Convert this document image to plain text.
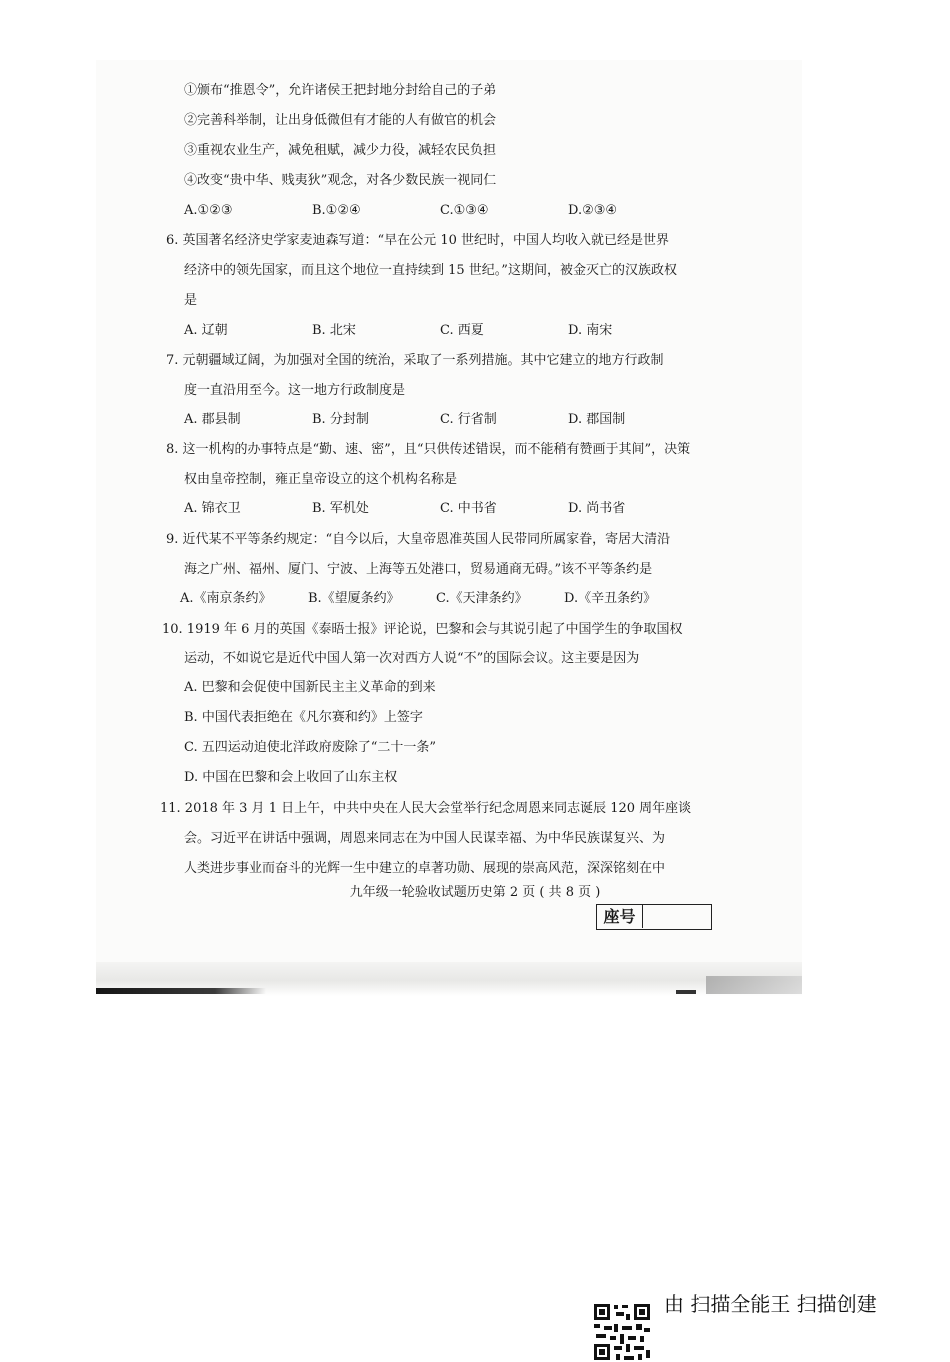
①颁布“推恩令”，允许诸侯王把封地分封给自己的子弟
②完善科举制，让出身低微但有才能的人有做官的机会
③重视农业生产，减免租赋，减少力役，减轻农民负担
④改变“贵中华、贱夷狄”观念，对各少数民族一视同仁
A.①②③	B.①②④	C.①③④	D.②③④
6. 英国著名经济史学家麦迪森写道：“早在公元 10 世纪时，中国人均收入就已经是世界
经济中的领先国家，而且这个地位一直持续到 15 世纪。”这期间，被金灭亡的汉族政权
是
A. 辽朝	B. 北宋	C. 西夏	D. 南宋
7. 元朝疆域辽阔，为加强对全国的统治，采取了一系列措施。其中它建立的地方行政制
度一直沿用至今。这一地方行政制度是
A. 郡县制	B. 分封制	C. 行省制	D. 郡国制
8. 这一机构的办事特点是“勤、速、密”，且“只供传述错误，而不能稍有赞画于其间”，决策
权由皇帝控制，雍正皇帝设立的这个机构名称是
A. 锦衣卫	B. 军机处	C. 中书省	D. 尚书省
9. 近代某不平等条约规定：“自今以后，大皇帝恩准英国人民带同所属家眷，寄居大清沿
海之广州、福州、厦门、宁波、上海等五处港口，贸易通商无碍。”该不平等条约是
A.《南京条约》	B.《望厦条约》	C.《天津条约》	D.《辛丑条约》
10. 1919 年 6 月的英国《泰晤士报》评论说，巴黎和会与其说引起了中国学生的争取国权
运动，不如说它是近代中国人第一次对西方人说“不”的国际会议。这主要是因为
A. 巴黎和会促使中国新民主主义革命的到来
B. 中国代表拒绝在《凡尔赛和约》上签字
C. 五四运动迫使北洋政府废除了“二十一条”
D. 中国在巴黎和会上收回了山东主权
11. 2018 年 3 月 1 日上午，中共中央在人民大会堂举行纪念周恩来同志诞辰 120 周年座谈
会。习近平在讲话中强调，周恩来同志在为中国人民谋幸福、为中华民族谋复兴、为
人类进步事业而奋斗的光辉一生中建立的卓著功勋、展现的崇高风范，深深铭刻在中
九年级一轮验收试题历史第 2 页 ( 共 8 页 )
座号
由 扫描全能王 扫描创建
